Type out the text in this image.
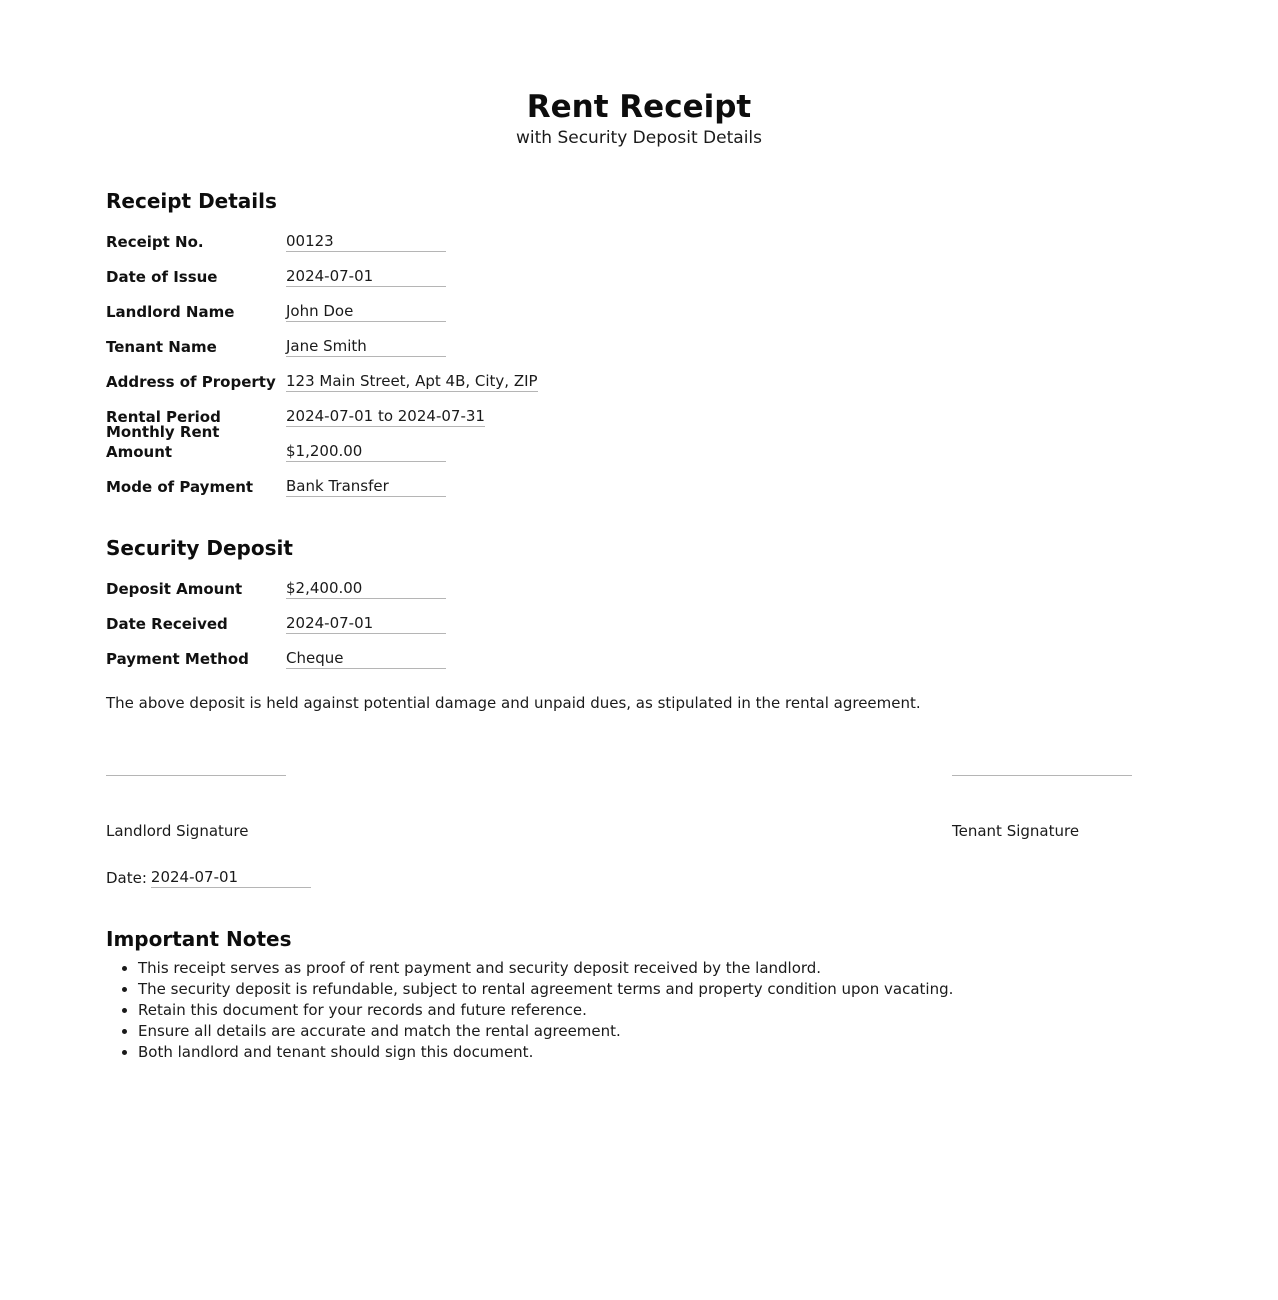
Rent Receipt

with Security Deposit Details

Receipt Details
Receipt No.	00123
Date of Issue	2024-07-01
Landlord Name	John Doe
Tenant Name	Jane Smith
Address of Property 123 Main Street, Apt 4B, City, ZIP
Rental Period	2024-07-01 to 2024-07-31
Monthly Rent Amount	$1,200.00
Mode of Payment	Bank Transfer
Security Deposit
Deposit Amount	$2,400.00
Date Received	2024-07-01
Payment Method	Cheque

The above deposit is held against potential damage and unpaid dues, as stipulated in the rental agreement.

Landlord Signature	Tenant Signature
Date: 2024-07-01
Important Notes
• This receipt serves as proof of rent payment and security deposit received by the landlord.
• The security deposit is refundable, subject to rental agreement terms and property condition upon vacating.
• Retain this document for your records and future reference.
• Ensure all details are accurate and match the rental agreement.
• Both landlord and tenant should sign this document.
